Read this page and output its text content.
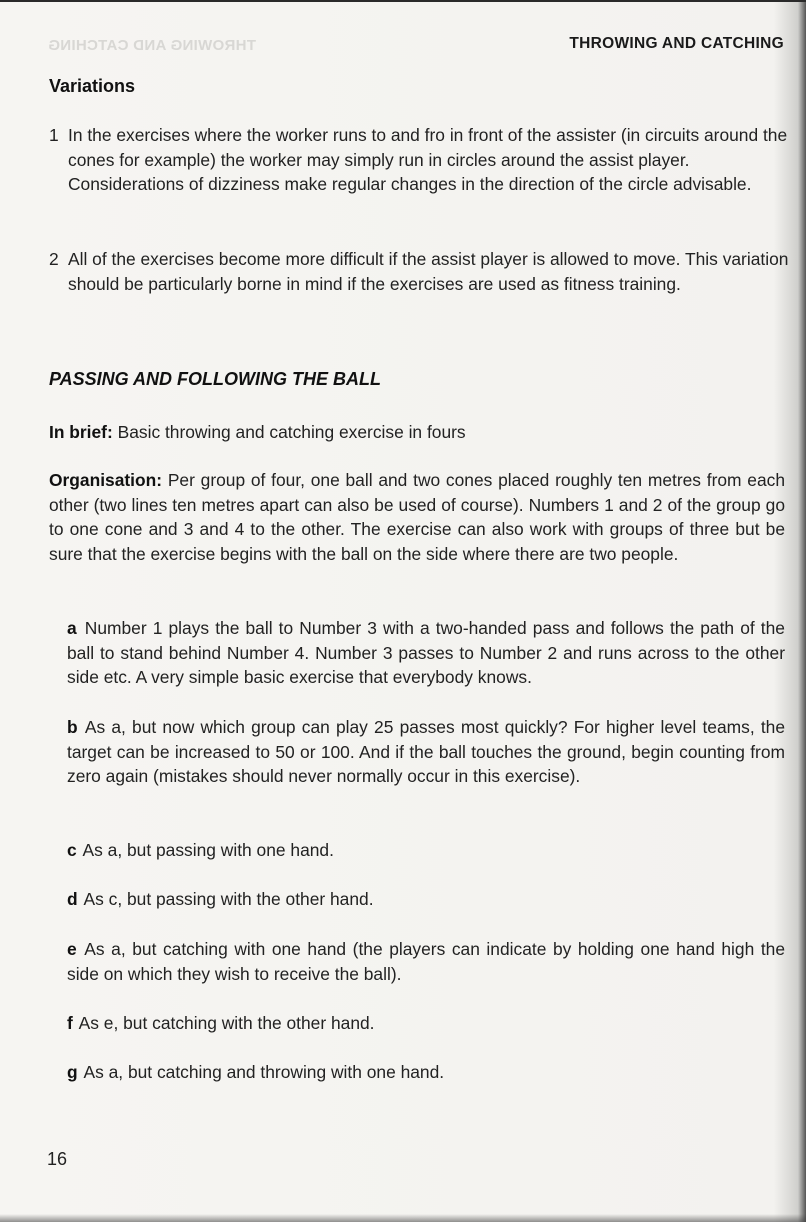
THROWING AND CATCHING	THROWING AND CATCHING
Variations
1 In the exercises where the worker runs to and fro in front of the assister (in circuits around the cones for example) the worker may simply run in circles around the assist player. Considerations of dizziness make regular changes in the direction of the circle advisable.
2 All of the exercises become more difficult if the assist player is allowed to move. This variation should be particularly borne in mind if the exercises are used as fitness training.
PASSING AND FOLLOWING THE BALL
In brief: Basic throwing and catching exercise in fours
Organisation: Per group of four, one ball and two cones placed roughly ten metres from each other (two lines ten metres apart can also be used of course). Numbers 1 and 2 of the group go to one cone and 3 and 4 to the other. The exercise can also work with groups of three but be sure that the exercise begins with the ball on the side where there are two people.
a Number 1 plays the ball to Number 3 with a two-handed pass and follows the path of the ball to stand behind Number 4. Number 3 passes to Number 2 and runs across to the other side etc. A very simple basic exercise that everybody knows.
b As a, but now which group can play 25 passes most quickly? For higher level teams, the target can be increased to 50 or 100. And if the ball touches the ground, begin counting from zero again (mistakes should never normally occur in this exercise).
c As a, but passing with one hand.
d As c, but passing with the other hand.
e As a, but catching with one hand (the players can indicate by holding one hand high the side on which they wish to receive the ball).
f As e, but catching with the other hand.
g As a, but catching and throwing with one hand.
16
